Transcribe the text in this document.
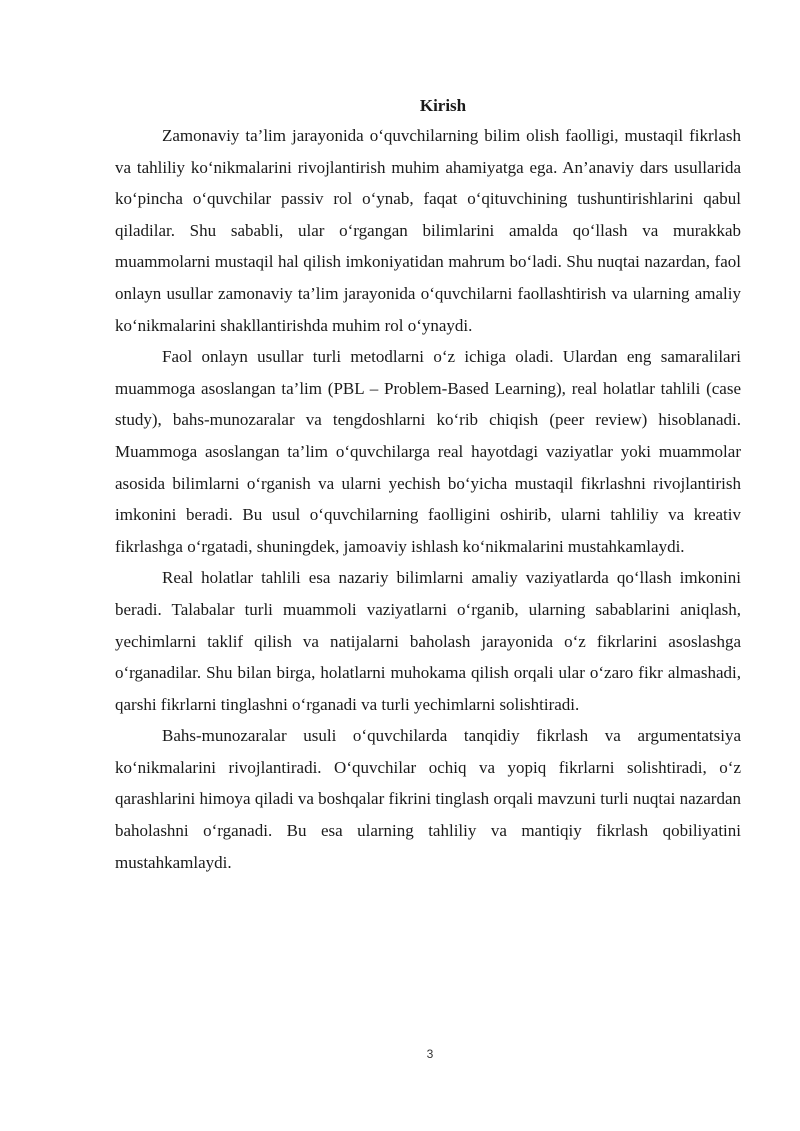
Kirish

Zamonaviy ta’lim jarayonida o‘quvchilarning bilim olish faolligi, mustaqil fikrlash va tahliliy ko‘nikmalarini rivojlantirish muhim ahamiyatga ega. An’anaviy dars usullarida ko‘pincha o‘quvchilar passiv rol o‘ynab, faqat o‘qituvchining tushuntirishlarini qabul qiladilar. Shu sababli, ular o‘rgangan bilimlarini amalda qo‘llash va murakkab muammolarni mustaqil hal qilish imkoniyatidan mahrum bo‘ladi. Shu nuqtai nazardan, faol onlayn usullar zamonaviy ta’lim jarayonida o‘quvchilarni faollashtirish va ularning amaliy ko‘nikmalarini shakllantirishda muhim rol o‘ynaydi.

Faol onlayn usullar turli metodlarni o‘z ichiga oladi. Ulardan eng samaralilari muammoga asoslangan ta’lim (PBL – Problem-Based Learning), real holatlar tahlili (case study), bahs-munozaralar va tengdoshlarni ko‘rib chiqish (peer review) hisoblanadi. Muammoga asoslangan ta’lim o‘quvchilarga real hayotdagi vaziyatlar yoki muammolar asosida bilimlarni o‘rganish va ularni yechish bo‘yicha mustaqil fikrlashni rivojlantirish imkonini beradi. Bu usul o‘quvchilarning faolligini oshirib, ularni tahliliy va kreativ fikrlashga o‘rgatadi, shuningdek, jamoaviy ishlash ko‘nikmalarini mustahkamlaydi.

Real holatlar tahlili esa nazariy bilimlarni amaliy vaziyatlarda qo‘llash imkonini beradi. Talabalar turli muammoli vaziyatlarni o‘rganib, ularning sabablarini aniqlash, yechimlarni taklif qilish va natijalarni baholash jarayonida o‘z fikrlarini asoslashga o‘rganadilar. Shu bilan birga, holatlarni muhokama qilish orqali ular o‘zaro fikr almashadi, qarshi fikrlarni tinglashni o‘rganadi va turli yechimlarni solishtiradi.

Bahs-munozaralar usuli o‘quvchilarda tanqidiy fikrlash va argumentatsiya ko‘nikmalarini rivojlantiradi. O‘quvchilar ochiq va yopiq fikrlarni solishtiradi, o‘z qarashlarini himoya qiladi va boshqalar fikrini tinglash orqali mavzuni turli nuqtai nazardan baholashni o‘rganadi. Bu esa ularning tahliliy va mantiqiy fikrlash qobiliyatini mustahkamlaydi.

3
